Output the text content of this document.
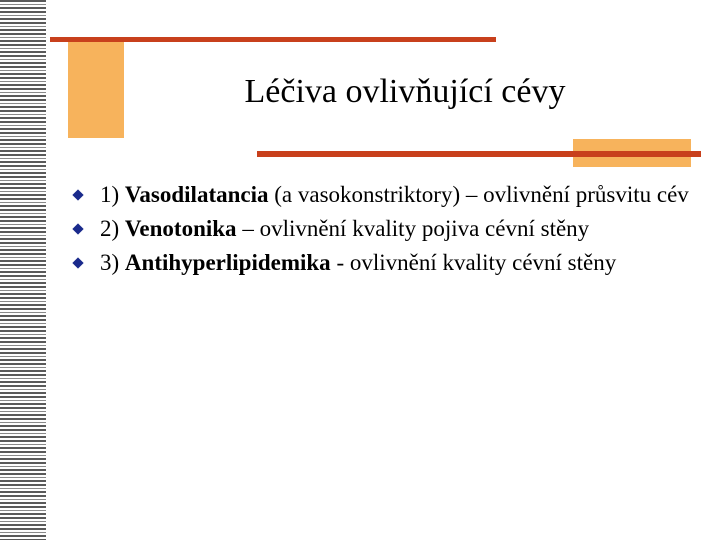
Léčiva ovlivňující cévy
1) Vasodilatancia (a vasokonstriktory) – ovlivnění průsvitu cév
2) Venotonika – ovlivnění kvality pojiva cévní stěny
3) Antihyperlipidemika - ovlivnění kvality cévní stěny
